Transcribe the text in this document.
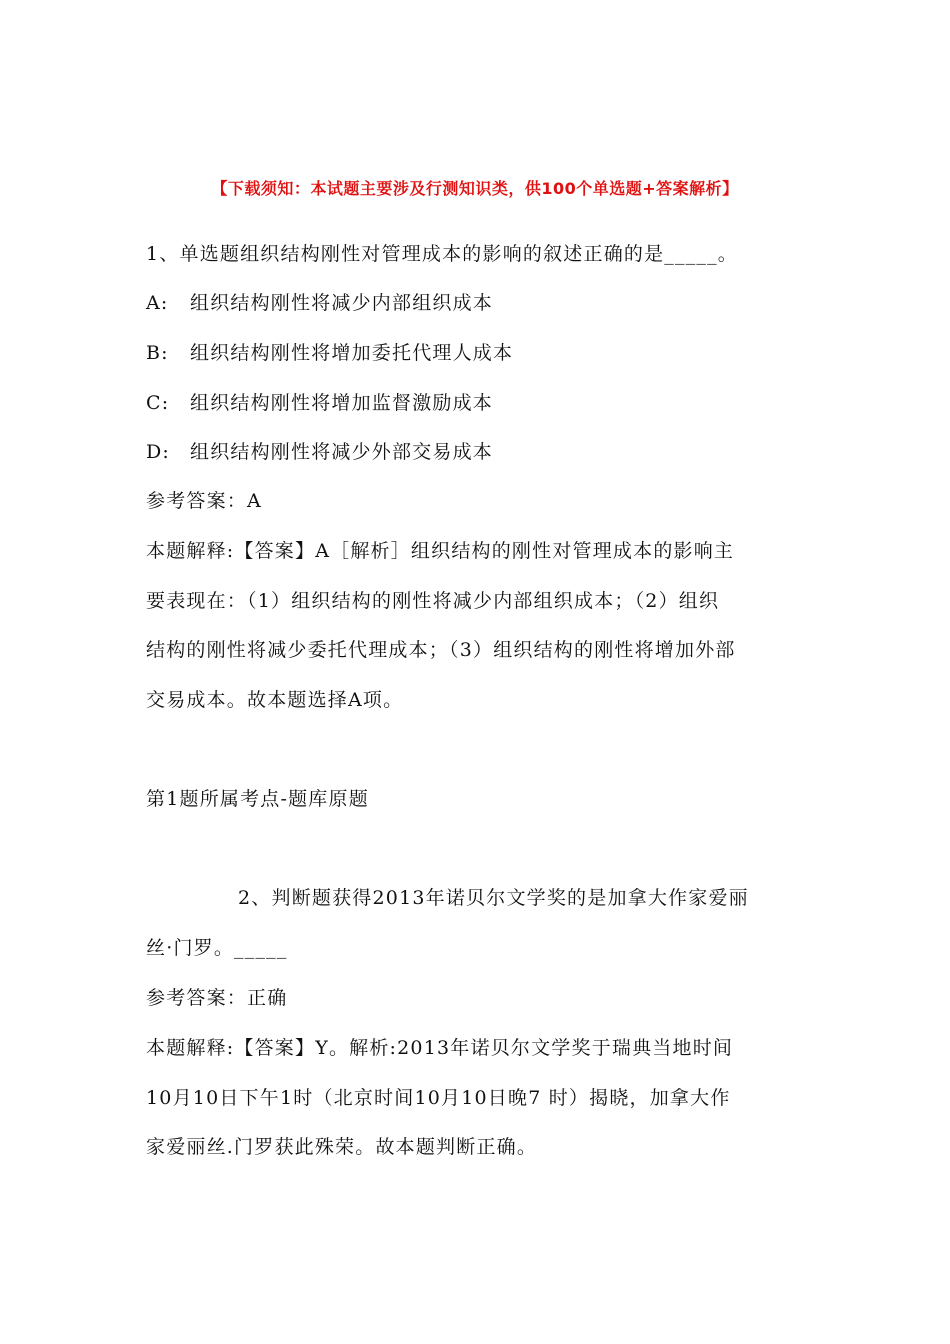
【下载须知：本试题主要涉及行测知识类，供100个单选题+答案解析】
1、单选题组织结构刚性对管理成本的影响的叙述正确的是_____。
A: 组织结构刚性将减少内部组织成本
B: 组织结构刚性将增加委托代理人成本
C: 组织结构刚性将增加监督激励成本
D: 组织结构刚性将减少外部交易成本
参考答案：A
本题解释:【答案】A［解析］组织结构的刚性对管理成本的影响主
要表现在：（1）组织结构的刚性将减少内部组织成本；（2）组织
结构的刚性将减少委托代理成本；（3）组织结构的刚性将增加外部
交易成本。故本题选择A项。
第1题所属考点-题库原题
2、判断题获得2013年诺贝尔文学奖的是加拿大作家爱丽
丝·门罗。_____
参考答案：正确
本题解释:【答案】Y。解析:2013年诺贝尔文学奖于瑞典当地时间
10月10日下午1时（北京时间10月10日晚7 时）揭晓，加拿大作
家爱丽丝.门罗获此殊荣。故本题判断正确。
